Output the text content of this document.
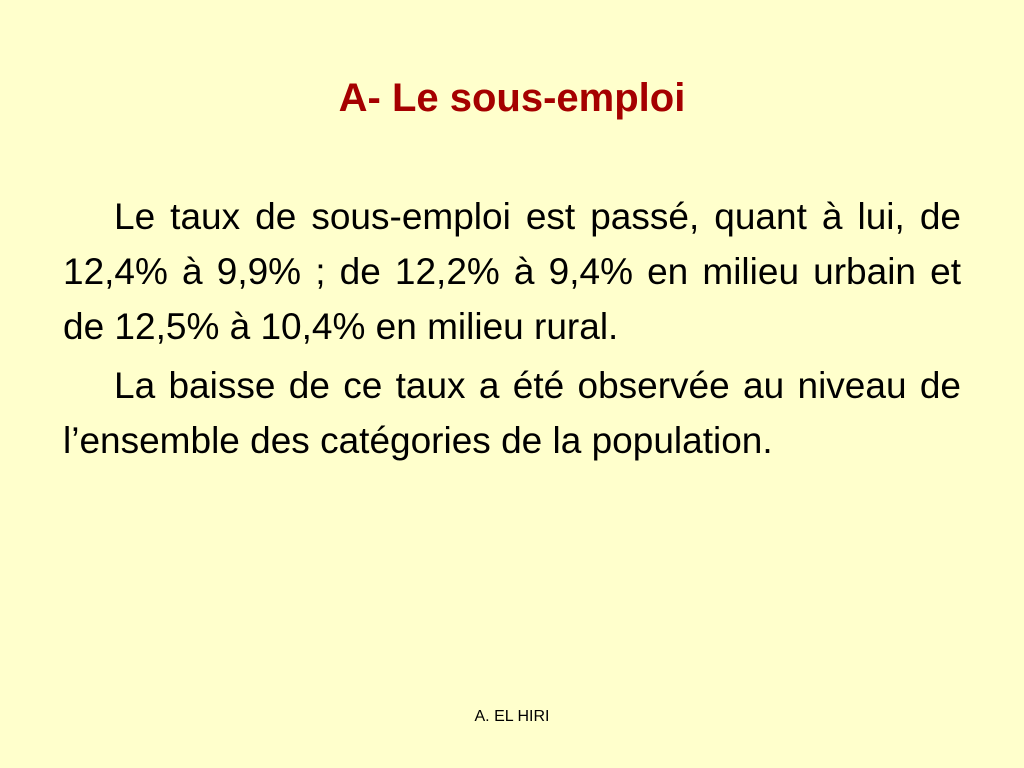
A- Le sous-emploi

Le taux de sous-emploi est passé, quant à lui, de 12,4% à 9,9% ; de 12,2% à 9,4% en milieu urbain et de 12,5% à 10,4% en milieu rural.

La baisse de ce taux a été observée au niveau de l’ensemble des catégories de la population.

A. EL HIRI
